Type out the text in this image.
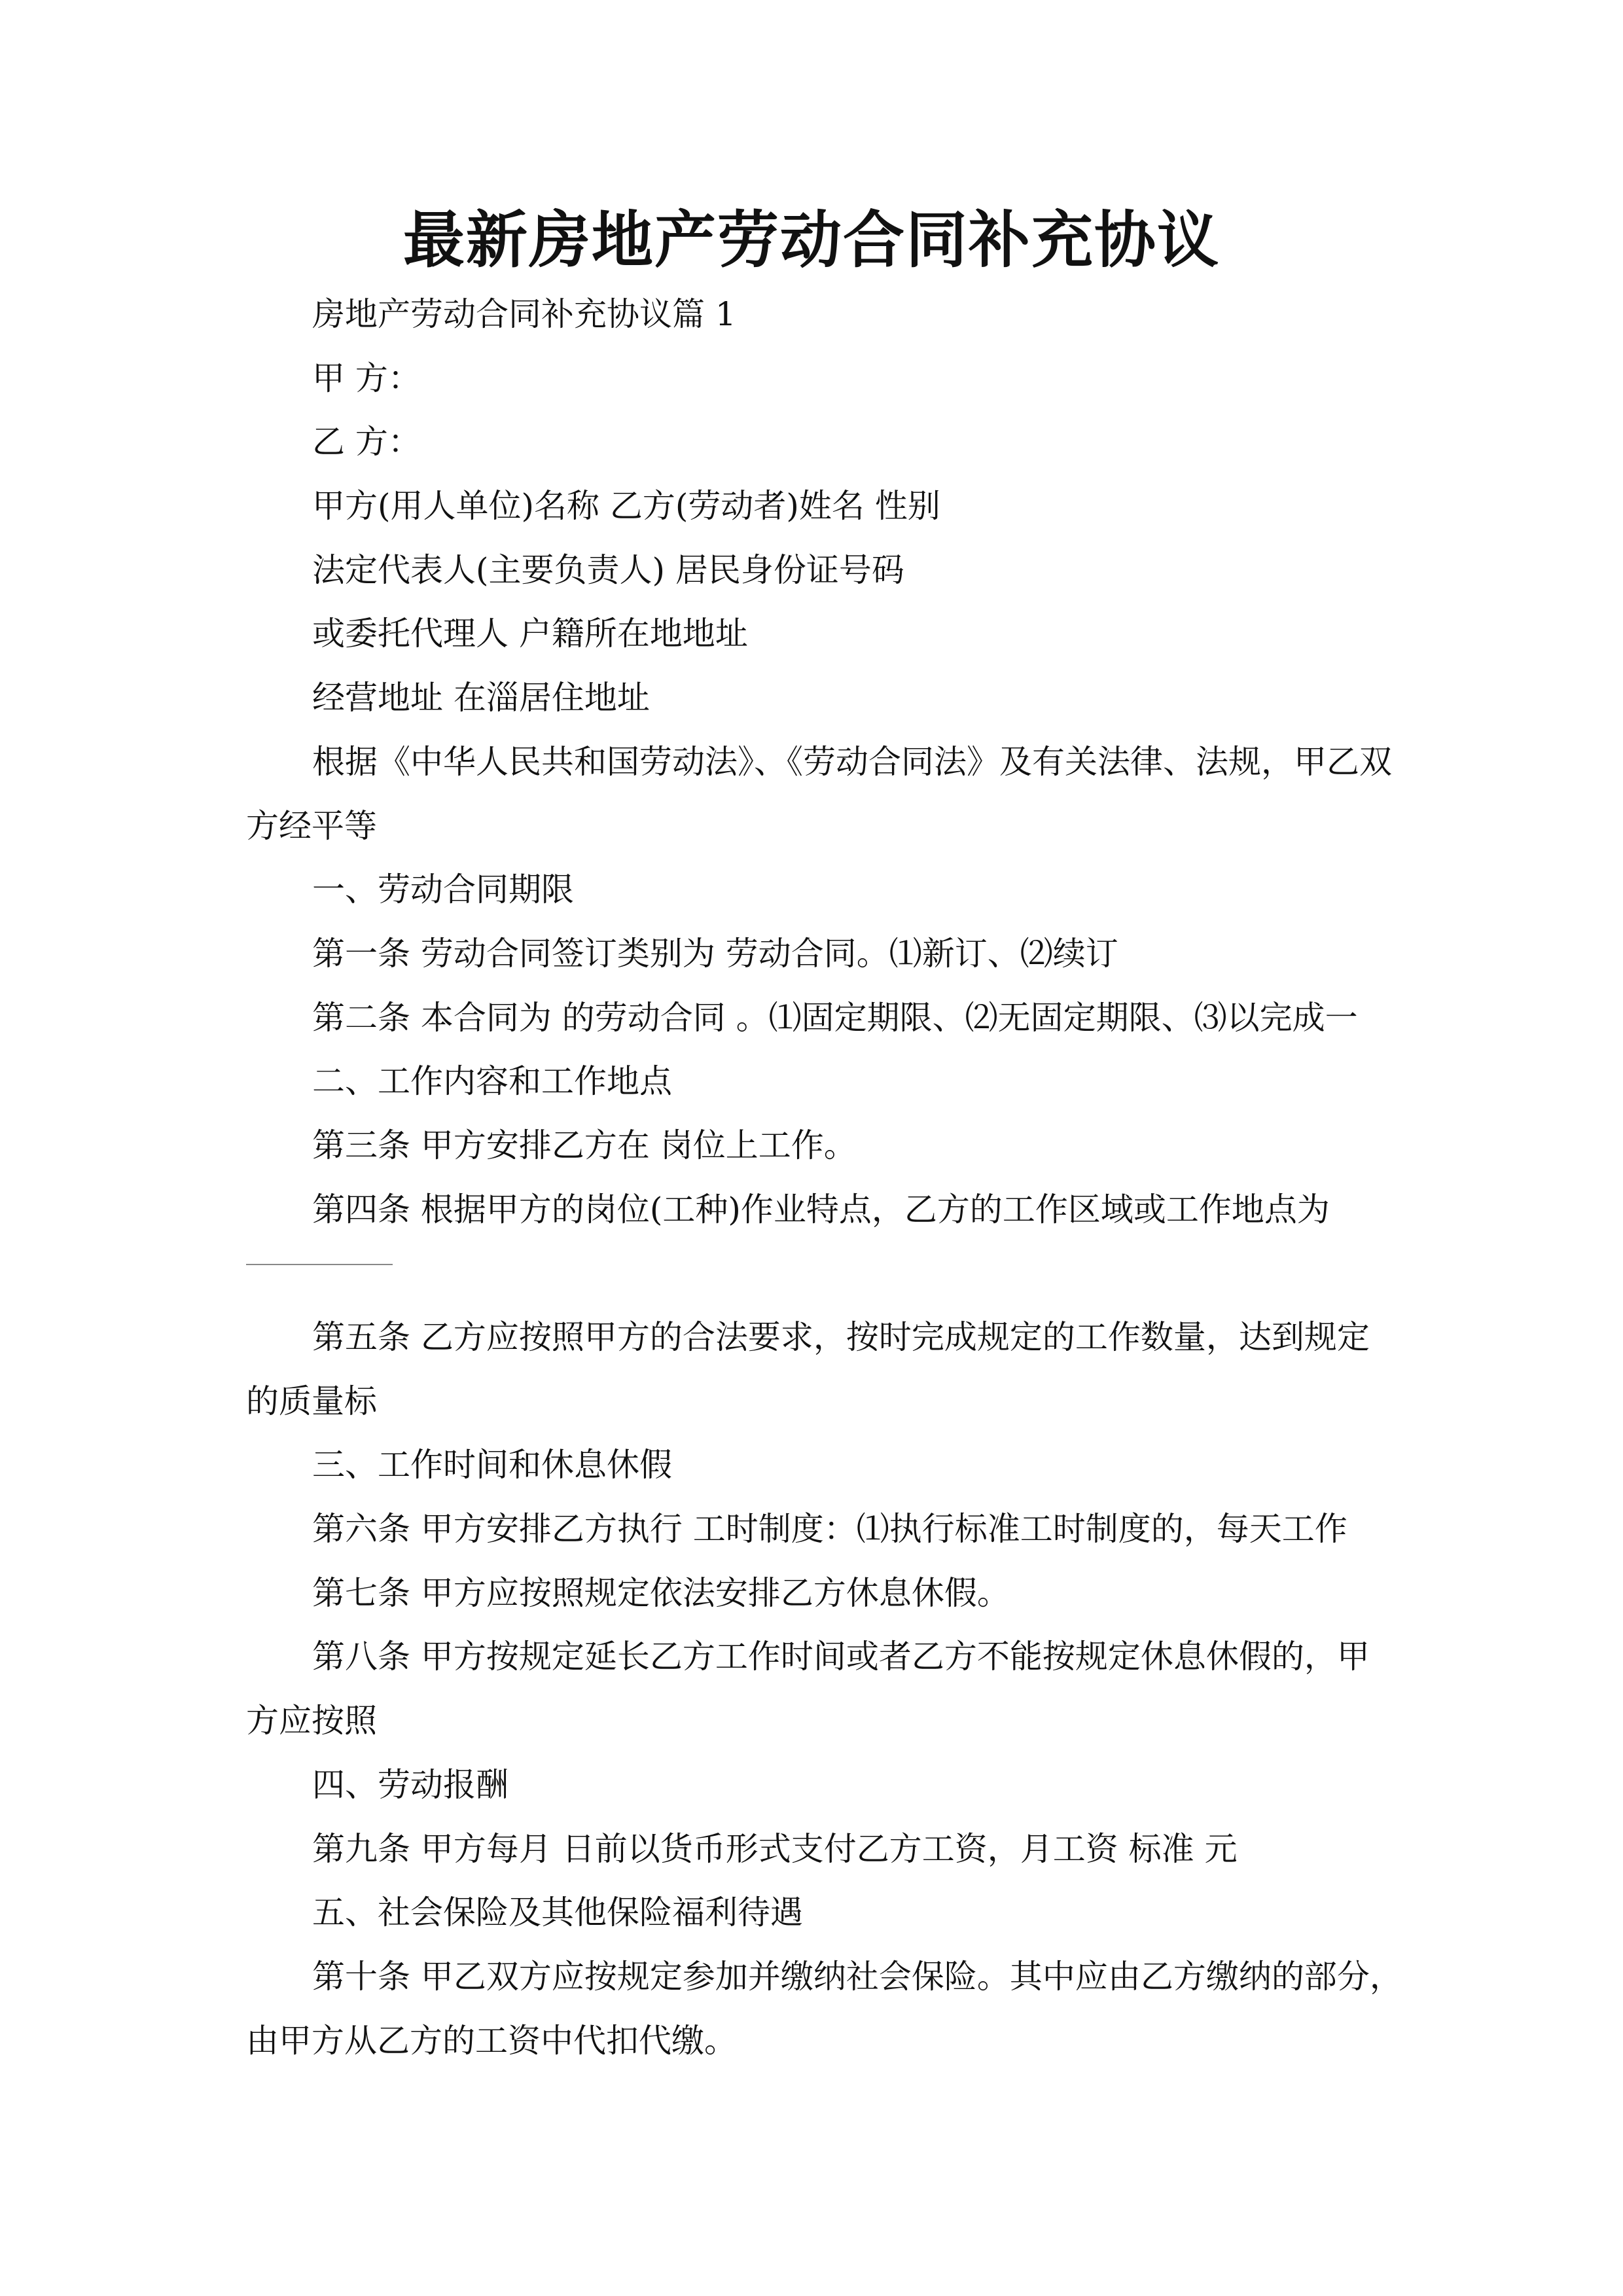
最新房地产劳动合同补充协议
房地产劳动合同补充协议篇 1
甲 方：
乙 方：
甲方(用人单位)名称 乙方(劳动者)姓名 性别
法定代表人(主要负责人) 居民身份证号码
或委托代理人 户籍所在地地址
经营地址 在淄居住地址
根据《中华人民共和国劳动法》、《劳动合同法》及有关法律、法规，甲乙双
方经平等
一、劳动合同期限
第一条 劳动合同签订类别为 劳动合同。⑴新订、⑵续订
第二条 本合同为 的劳动合同 。⑴固定期限、⑵无固定期限、⑶以完成一
二、工作内容和工作地点
第三条 甲方安排乙方在 岗位上工作。
第四条 根据甲方的岗位(工种)作业特点，乙方的工作区域或工作地点为
第五条 乙方应按照甲方的合法要求，按时完成规定的工作数量，达到规定
的质量标
三、工作时间和休息休假
第六条 甲方安排乙方执行 工时制度：⑴执行标准工时制度的，每天工作
第七条 甲方应按照规定依法安排乙方休息休假。
第八条 甲方按规定延长乙方工作时间或者乙方不能按规定休息休假的，甲
方应按照
四、劳动报酬
第九条 甲方每月 日前以货币形式支付乙方工资，月工资 标准 元
五、社会保险及其他保险福利待遇
第十条 甲乙双方应按规定参加并缴纳社会保险。其中应由乙方缴纳的部分，
由甲方从乙方的工资中代扣代缴。
